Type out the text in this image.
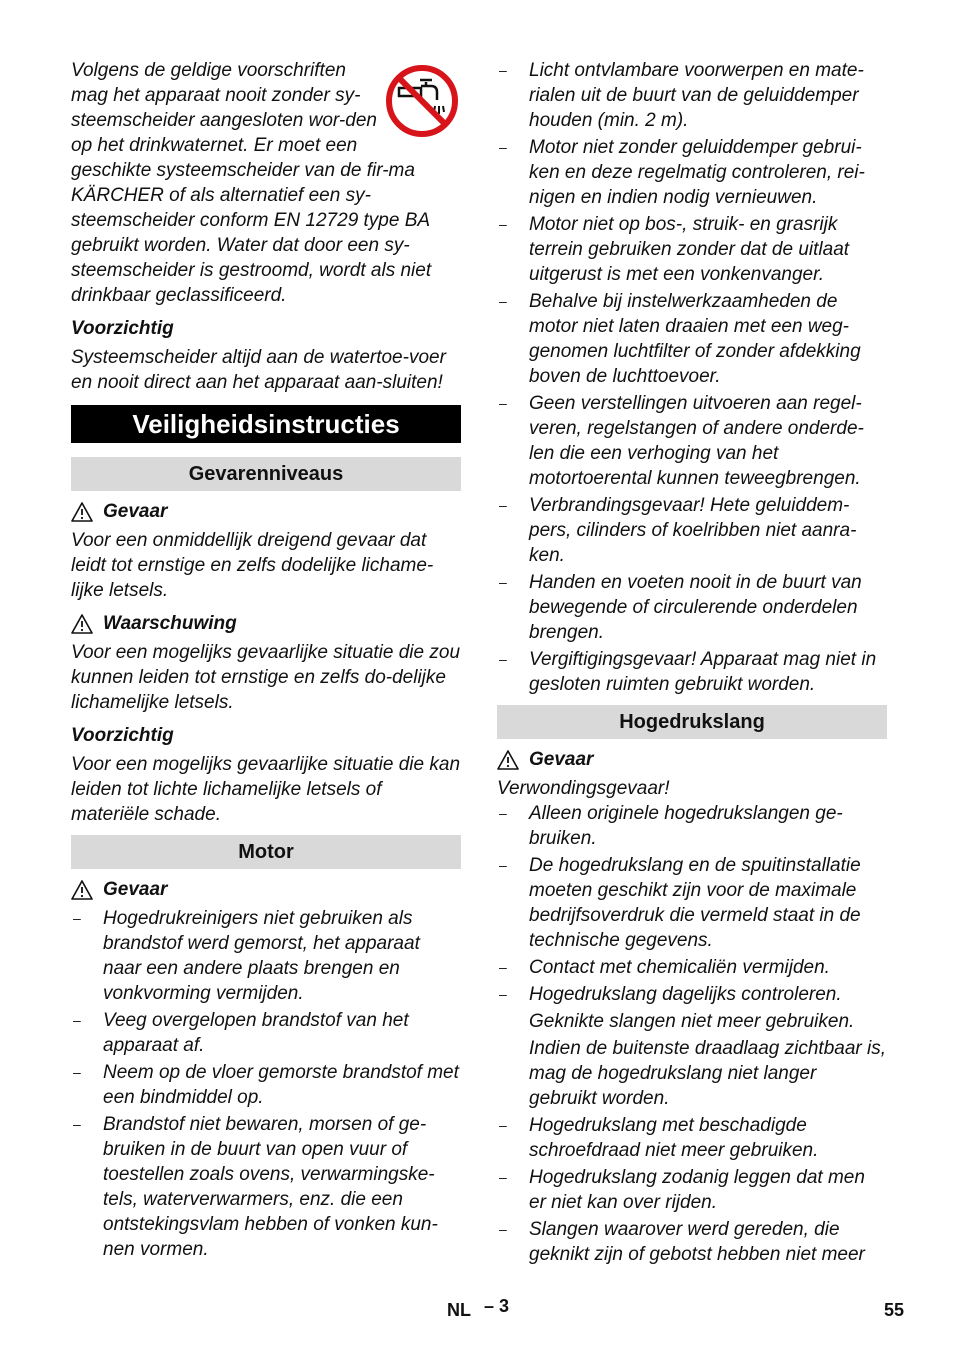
Volgens de geldige voorschriften mag het apparaat nooit zonder sy-steemscheider aangesloten wor-den op het drinkwaternet. Er moet een geschikte systeemscheider van de fir-ma KÄRCHER of als alternatief een sy-steemscheider conform EN 12729 type BA gebruikt worden. Water dat door een sy-steemscheider is gestroomd, wordt als niet drinkbaar geclassificeerd.

Voorzichtig

Systeemscheider altijd aan de watertoe-voer en nooit direct aan het apparaat aan-sluiten!

Veiligheidsinstructies
Gevarenniveaus
Gevaar

Voor een onmiddellijk dreigend gevaar dat leidt tot ernstige en zelfs dodelijke lichame-lijke letsels.

Waarschuwing

Voor een mogelijks gevaarlijke situatie die zou kunnen leiden tot ernstige en zelfs do-delijke lichamelijke letsels.

Voorzichtig

Voor een mogelijks gevaarlijke situatie die kan leiden tot lichte lichamelijke letsels of materiële schade.

Motor
Gevaar
– Hogedrukreinigers niet gebruiken als brandstof werd gemorst, het apparaat naar een andere plaats brengen en vonkvorming vermijden.
– Veeg overgelopen brandstof van het apparaat af.
– Neem op de vloer gemorste brandstof met een bindmiddel op.
– Brandstof niet bewaren, morsen of ge-bruiken in de buurt van open vuur of toestellen zoals ovens, verwarmingske-tels, waterverwarmers, enz. die een ontstekingsvlam hebben of vonken kun-nen vormen.
– Licht ontvlambare voorwerpen en mate-rialen uit de buurt van de geluiddemper houden (min. 2 m).
– Motor niet zonder geluiddemper gebrui-ken en deze regelmatig controleren, rei-nigen en indien nodig vernieuwen.
– Motor niet op bos-, struik- en grasrijk terrein gebruiken zonder dat de uitlaat uitgerust is met een vonkenvanger.
– Behalve bij instelwerkzaamheden de motor niet laten draaien met een weg-genomen luchtfilter of zonder afdekking boven de luchttoevoer.
– Geen verstellingen uitvoeren aan regel-veren, regelstangen of andere onderde-len die een verhoging van het motortoerental kunnen teweegbrengen.
– Verbrandingsgevaar! Hete geluiddem-pers, cilinders of koelribben niet aanra-ken.
– Handen en voeten nooit in de buurt van bewegende of circulerende onderdelen brengen.
– Vergiftigingsgevaar! Apparaat mag niet in gesloten ruimten gebruikt worden.
Hogedrukslang
Gevaar

Verwondingsgevaar!

– Alleen originele hogedrukslangen ge-bruiken.
– De hogedrukslang en de spuitinstallatie moeten geschikt zijn voor de maximale bedrijfsoverdruk die vermeld staat in de technische gegevens.
– Contact met chemicaliën vermijden.
– Hogedrukslang dagelijks controleren.
Geknikte slangen niet meer gebruiken.
Indien de buitenste draadlaag zichtbaar is, mag de hogedrukslang niet langer gebruikt worden.
– Hogedrukslang met beschadigde schroefdraad niet meer gebruiken.
– Hogedrukslang zodanig leggen dat men er niet kan over rijden.
– Slangen waarover werd gereden, die geknikt zijn of gebotst hebben niet meer
NL – 3	55
